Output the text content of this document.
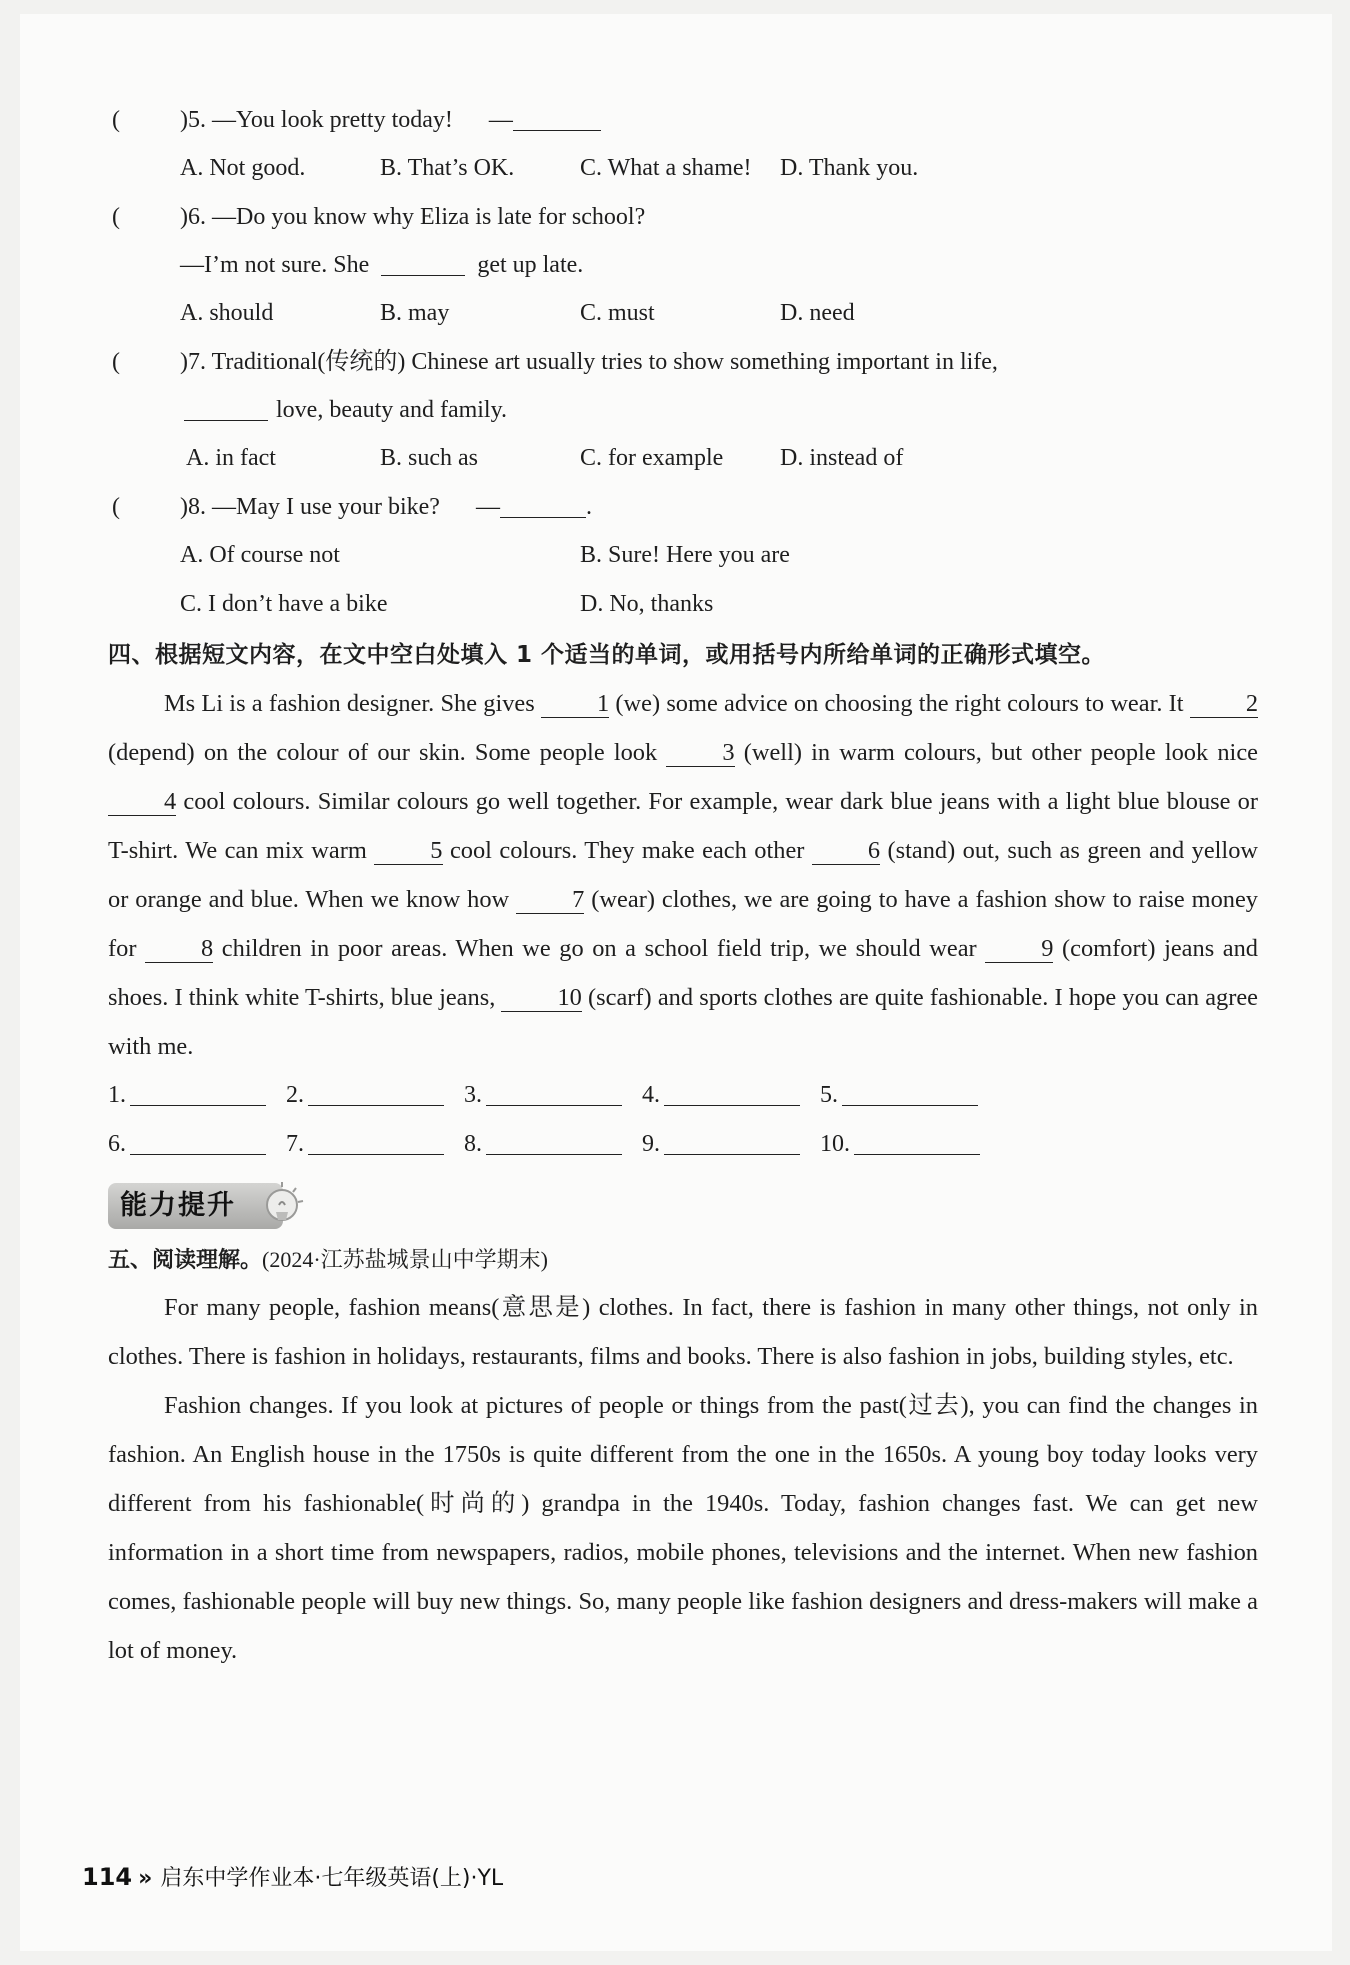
(	)5. —You look pretty today! —
A. Not good.	B. That’s OK.	C. What a shame! D. Thank you.
(	)6. —Do you know why Eliza is late for school?
—I’m not sure. She	get up late.
A. should	B. may	C. must	D. need
(	)7. Traditional(传统的) Chinese art usually tries to show something important in life,
love, beauty and family.
A. in fact	B. such as	C. for example D. instead of
(	)8. —May I use your bike? —	.
A. Of course not	B. Sure! Here you are
C. I don’t have a bike	D. No, thanks
四、根据短文内容，在文中空白处填入 1 个适当的单词，或用括号内所给单词的正确形式填空。

Ms Li is a fashion designer. She gives 1 (we) some advice on choosing the right colours to wear. It 2 (depend) on the colour of our skin. Some people look 3 (well) in warm colours, but other people look nice 4 cool colours. Similar colours go well together. For example, wear dark blue jeans with a light blue blouse or T-shirt. We can mix warm 5 cool colours. They make each other 6 (stand) out, such as green and yellow or orange and blue. When we know how 7 (wear) clothes, we are going to have a fashion show to raise money for 8 children in poor areas. When we go on a school field trip, we should wear 9 (comfort) jeans and shoes. I think white T-shirts, blue jeans, 10 (scarf) and sports clothes are quite fashionable. I hope you can agree with me.

1.	2.	3.	4.	5.
6.	7.	8.	9.	10.
能力提升
五、阅读理解。(2024·江苏盐城景山中学期末)

For many people, fashion means(意思是) clothes. In fact, there is fashion in many other things, not only in clothes. There is fashion in holidays, restaurants, films and books. There is also fashion in jobs, building styles, etc.

Fashion changes. If you look at pictures of people or things from the past(过去), you can find the changes in fashion. An English house in the 1750s is quite different from the one in the 1650s. A young boy today looks very different from his fashionable(时尚的) grandpa in the 1940s. Today, fashion changes fast. We can get new information in a short time from newspapers, radios, mobile phones, televisions and the internet. When new fashion comes, fashionable people will buy new things. So, many people like fashion designers and dress-makers will make a lot of money.

114 » 启东中学作业本·七年级英语(上)·YL
